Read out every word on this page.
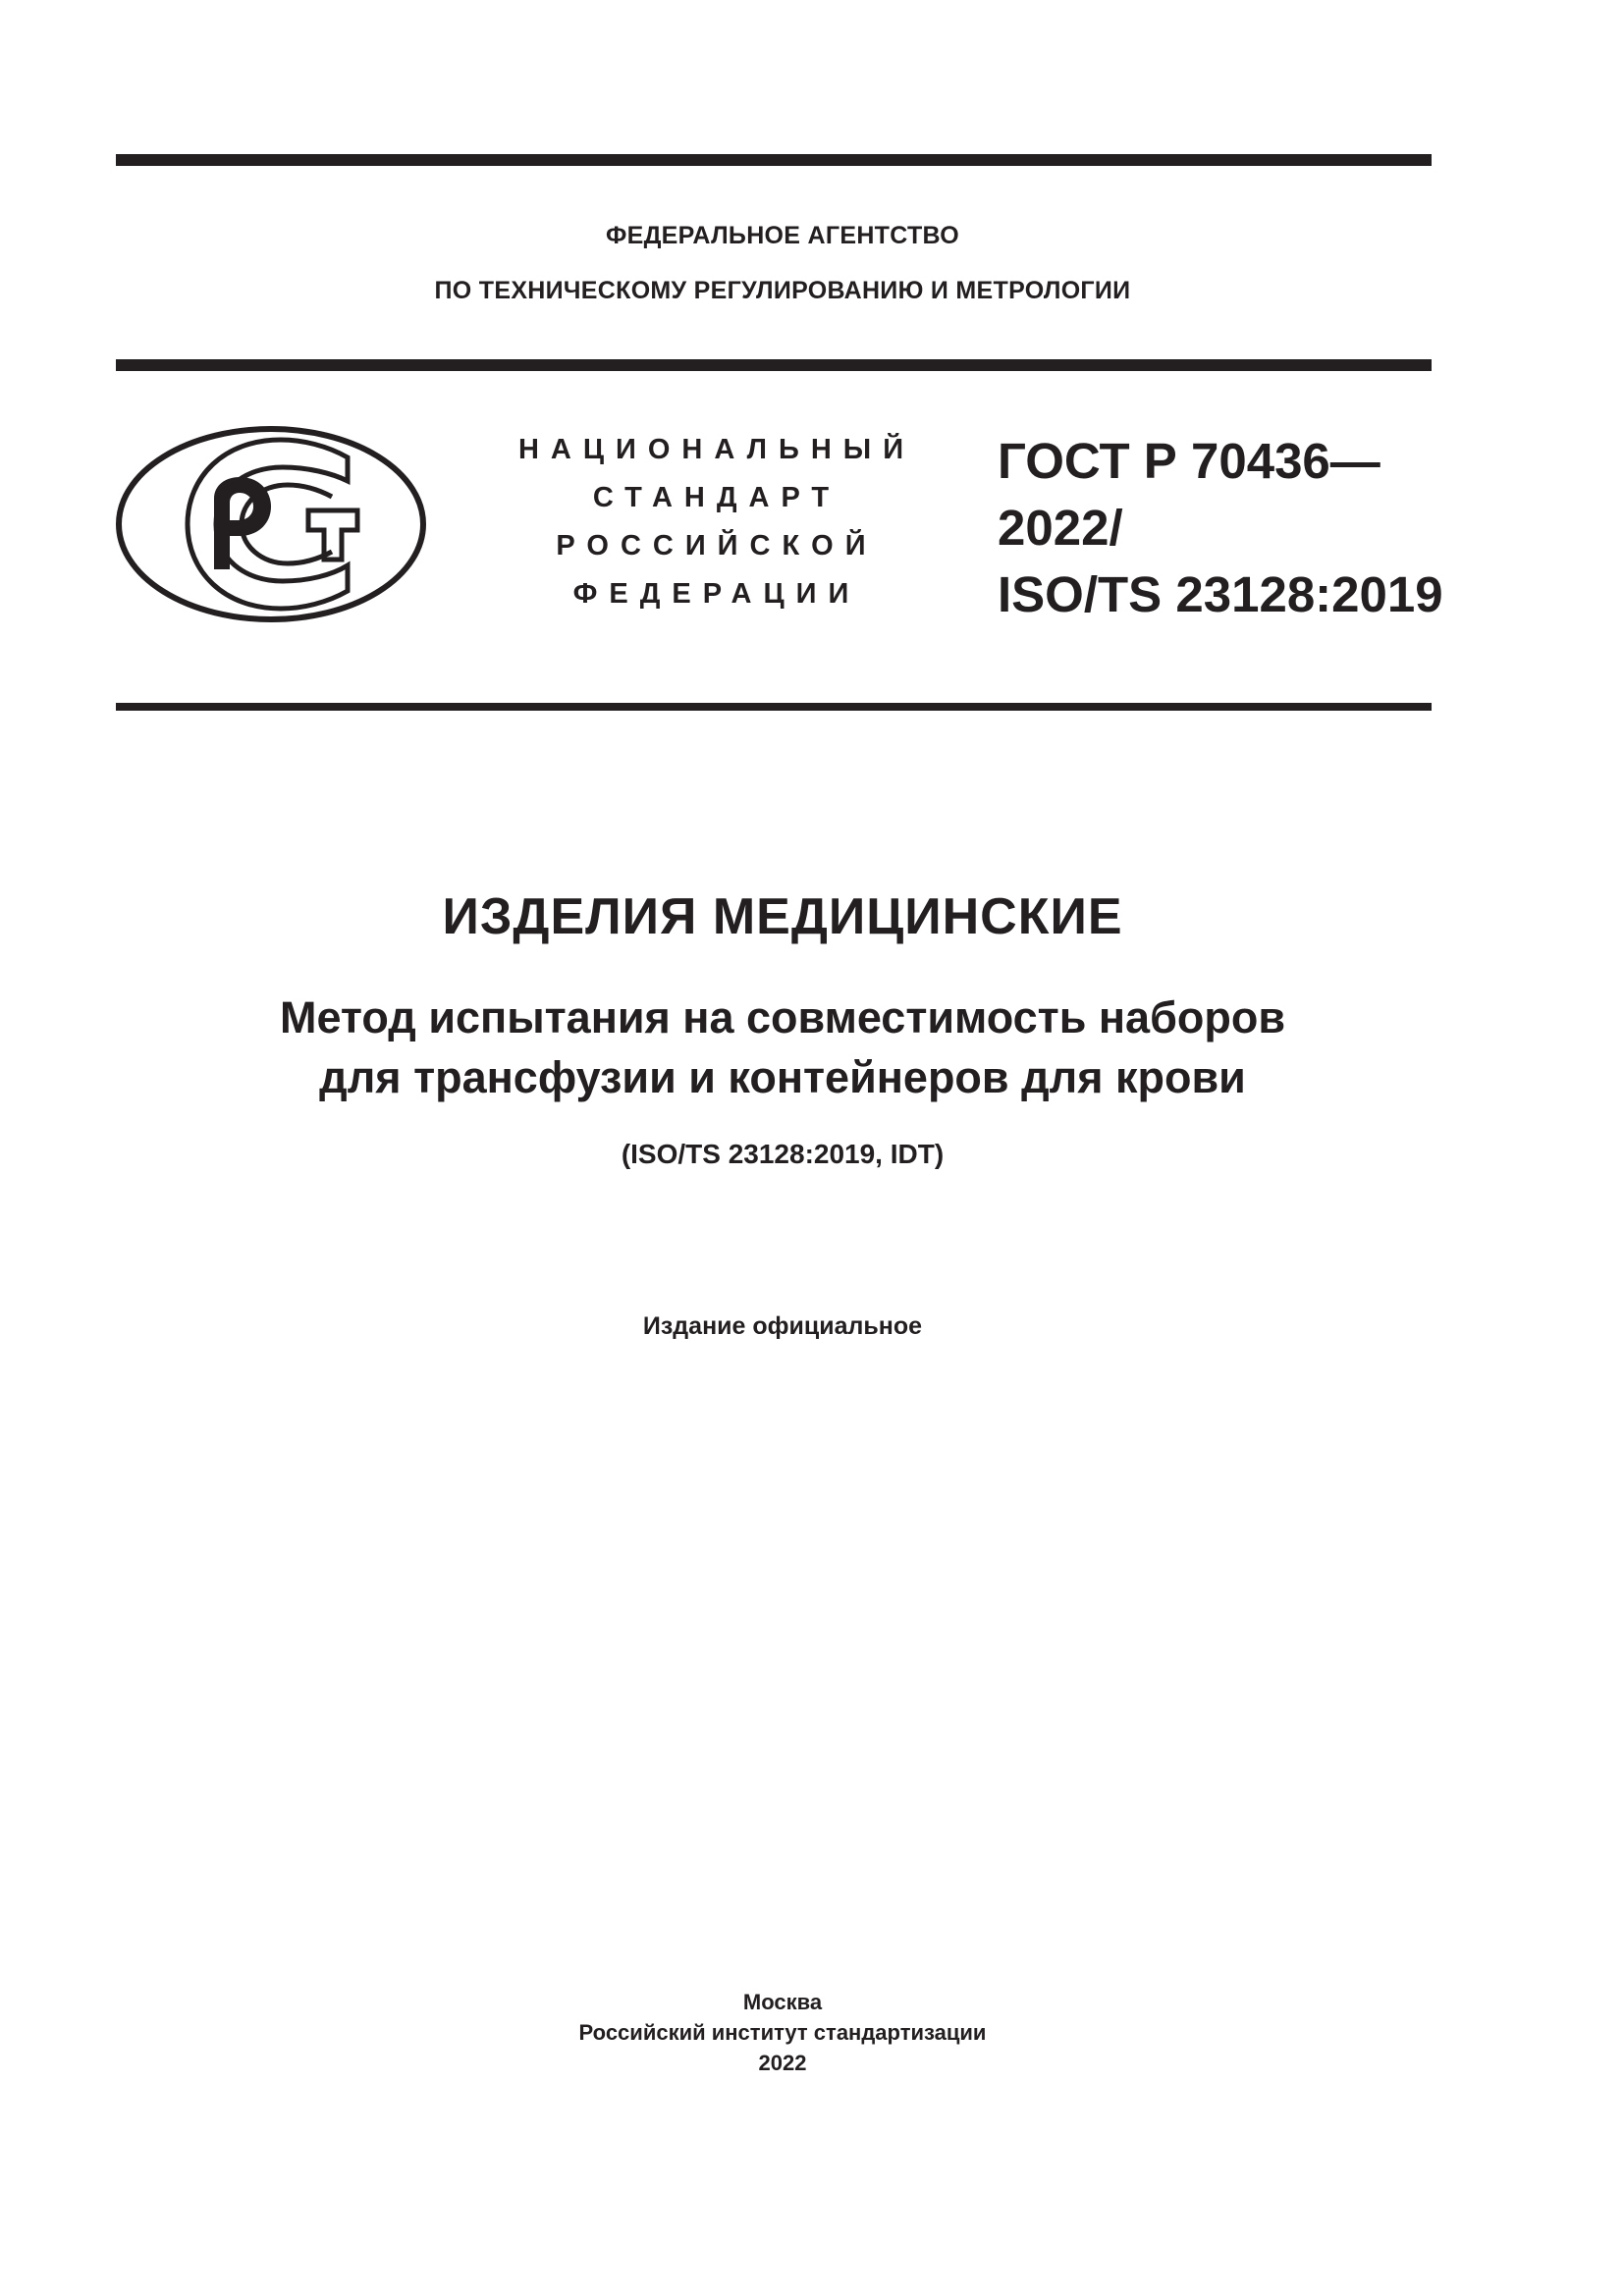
ФЕДЕРАЛЬНОЕ АГЕНТСТВО
ПО ТЕХНИЧЕСКОМУ РЕГУЛИРОВАНИЮ И МЕТРОЛОГИИ
НАЦИОНАЛЬНЫЙ
СТАНДАРТ
РОССИЙСКОЙ
ФЕДЕРАЦИИ
ГОСТ Р 70436—
2022/
ISO/TS 23128:2019
ИЗДЕЛИЯ МЕДИЦИНСКИЕ
Метод испытания на совместимость наборов
для трансфузии и контейнеров для крови
(ISO/TS 23128:2019, IDT)
Издание официальное
Москва
Российский институт стандартизации
2022
